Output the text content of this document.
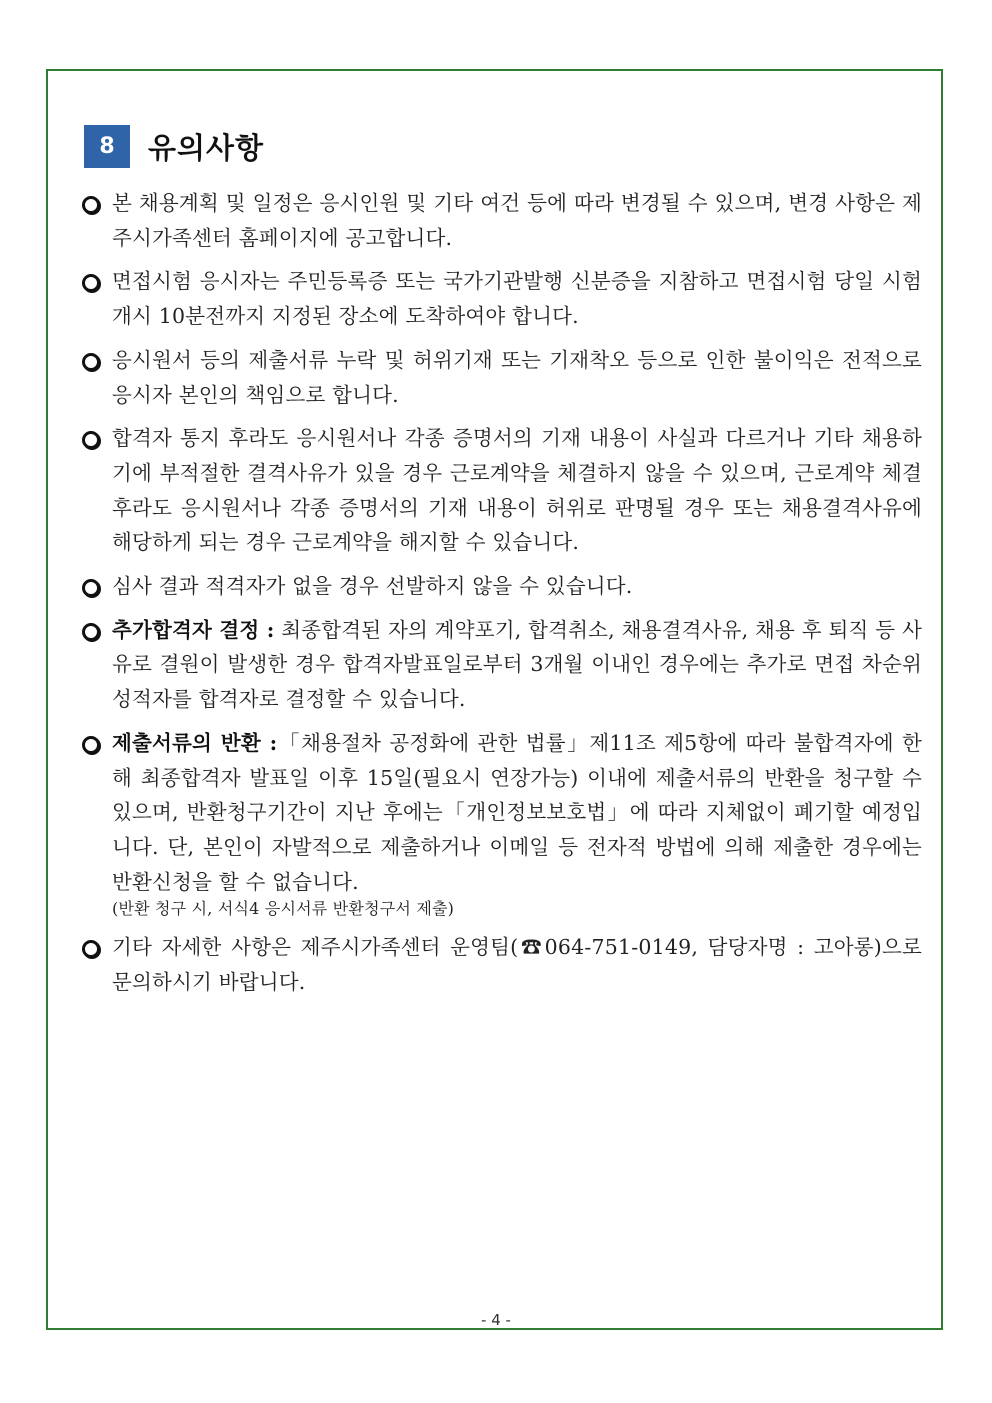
8	유의사항
본 채용계획 및 일정은 응시인원 및 기타 여건 등에 따라 변경될 수 있으며, 변경 사항은 제주시가족센터 홈페이지에 공고합니다.
면접시험 응시자는 주민등록증 또는 국가기관발행 신분증을 지참하고 면접시험 당일 시험개시 10분전까지 지정된 장소에 도착하여야 합니다.
응시원서 등의 제출서류 누락 및 허위기재 또는 기재착오 등으로 인한 불이익은 전적으로 응시자 본인의 책임으로 합니다.
합격자 통지 후라도 응시원서나 각종 증명서의 기재 내용이 사실과 다르거나 기타 채용하기에 부적절한 결격사유가 있을 경우 근로계약을 체결하지 않을 수 있으며, 근로계약 체결 후라도 응시원서나 각종 증명서의 기재 내용이 허위로 판명될 경우 또는 채용결격사유에 해당하게 되는 경우 근로계약을 해지할 수 있습니다.
심사 결과 적격자가 없을 경우 선발하지 않을 수 있습니다.
추가합격자 결정 : 최종합격된 자의 계약포기, 합격취소, 채용결격사유, 채용 후 퇴직 등 사유로 결원이 발생한 경우 합격자발표일로부터 3개월 이내인 경우에는 추가로 면접 차순위 성적자를 합격자로 결정할 수 있습니다.
제출서류의 반환 :「채용절차 공정화에 관한 법률」제11조 제5항에 따라 불합격자에 한해 최종합격자 발표일 이후 15일(필요시 연장가능) 이내에 제출서류의 반환을 청구할 수 있으며, 반환청구기간이 지난 후에는「개인정보보호법」에 따라 지체없이 폐기할 예정입니다. 단, 본인이 자발적으로 제출하거나 이메일 등 전자적 방법에 의해 제출한 경우에는 반환신청을 할 수 없습니다.
(반환 청구 시, 서식4 응시서류 반환청구서 제출)
기타 자세한 사항은 제주시가족센터 운영팀(☎064-751-0149, 담당자명 : 고아롱)으로 문의하시기 바랍니다.
- 4 -
